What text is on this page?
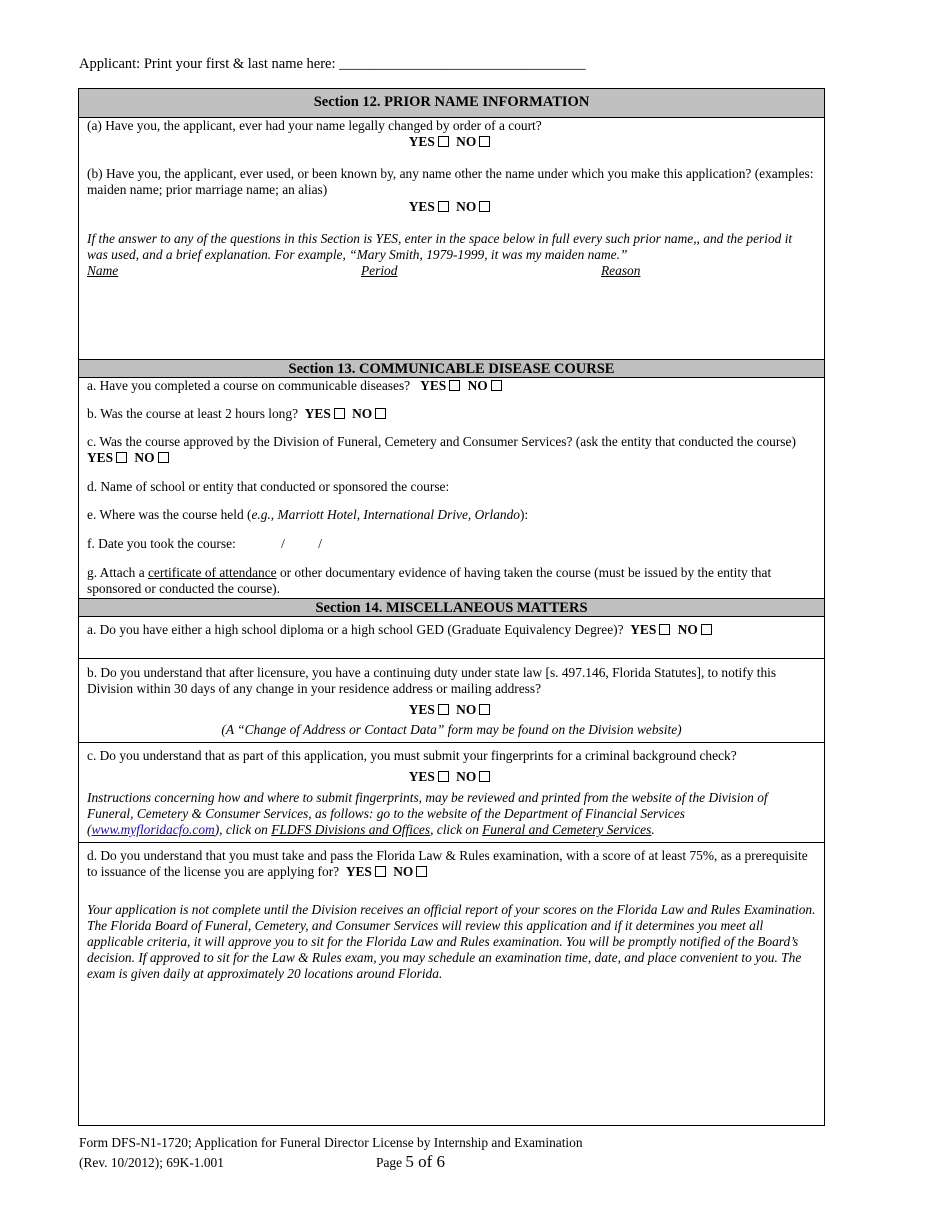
Applicant: Print your first & last name here: __________________________________
Section 12. PRIOR NAME INFORMATION
(a) Have you, the applicant, ever had your name legally changed by order of a court?
YES NO
(b) Have you, the applicant, ever used, or been known by, any name other the name under which you make this application? (examples: maiden name; prior marriage name; an alias)
YES NO
If the answer to any of the questions in this Section is YES, enter in the space below in full every such prior name,, and the period it was used, and a brief explanation. For example, “Mary Smith, 1979-1999, it was my maiden name.”
Name	Period	Reason
Section 13. COMMUNICABLE DISEASE COURSE
a. Have you completed a course on communicable diseases? YES NO
b. Was the course at least 2 hours long? YES NO
c. Was the course approved by the Division of Funeral, Cemetery and Consumer Services? (ask the entity that conducted the course) YES NO
d. Name of school or entity that conducted or sponsored the course:
e. Where was the course held (e.g., Marriott Hotel, International Drive, Orlando):
f. Date you took the course:	/          /
g. Attach a certificate of attendance or other documentary evidence of having taken the course (must be issued by the entity that sponsored or conducted the course).
Section 14. MISCELLANEOUS MATTERS
a. Do you have either a high school diploma or a high school GED (Graduate Equivalency Degree)? YES NO
b. Do you understand that after licensure, you have a continuing duty under state law [s. 497.146, Florida Statutes], to notify this Division within 30 days of any change in your residence address or mailing address?
YES NO
(A “Change of Address or Contact Data” form may be found on the Division website)
c. Do you understand that as part of this application, you must submit your fingerprints for a criminal background check?
YES NO
Instructions concerning how and where to submit fingerprints, may be reviewed and printed from the website of the Division of Funeral, Cemetery & Consumer Services, as follows: go to the website of the Department of Financial Services (www.myfloridacfo.com), click on FLDFS Divisions and Offices, click on Funeral and Cemetery Services.
d. Do you understand that you must take and pass the Florida Law & Rules examination, with a score of at least 75%, as a prerequisite to issuance of the license you are applying for? YES NO
Your application is not complete until the Division receives an official report of your scores on the Florida Law and Rules Examination. The Florida Board of Funeral, Cemetery, and Consumer Services will review this application and if it determines you meet all applicable criteria, it will approve you to sit for the Florida Law and Rules examination. You will be promptly notified of the Board’s decision. If approved to sit for the Law & Rules exam, you may schedule an examination time, date, and place convenient to you. The exam is given daily at approximately 20 locations around Florida.
Form DFS-N1-1720; Application for Funeral Director License by Internship and Examination
(Rev. 10/2012); 69K-1.001	Page 5 of 6
